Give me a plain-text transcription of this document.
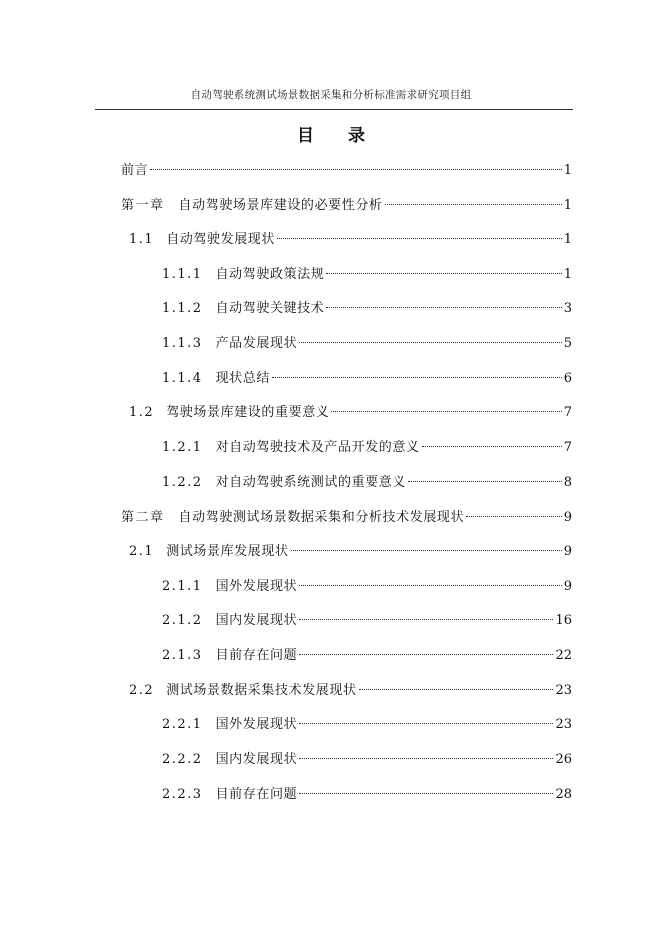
自动驾驶系统测试场景数据采集和分析标准需求研究项目组
目 录
前言	1
第一章 自动驾驶场景库建设的必要性分析	1
1.1 自动驾驶发展现状	1
1.1.1 自动驾驶政策法规	1
1.1.2 自动驾驶关键技术	3
1.1.3 产品发展现状	5
1.1.4 现状总结	6
1.2 驾驶场景库建设的重要意义	7
1.2.1 对自动驾驶技术及产品开发的意义	7
1.2.2 对自动驾驶系统测试的重要意义	8
第二章 自动驾驶测试场景数据采集和分析技术发展现状	9
2.1 测试场景库发展现状	9
2.1.1 国外发展现状	9
2.1.2 国内发展现状	16
2.1.3 目前存在问题	22
2.2 测试场景数据采集技术发展现状	23
2.2.1 国外发展现状	23
2.2.2 国内发展现状	26
2.2.3 目前存在问题	28
